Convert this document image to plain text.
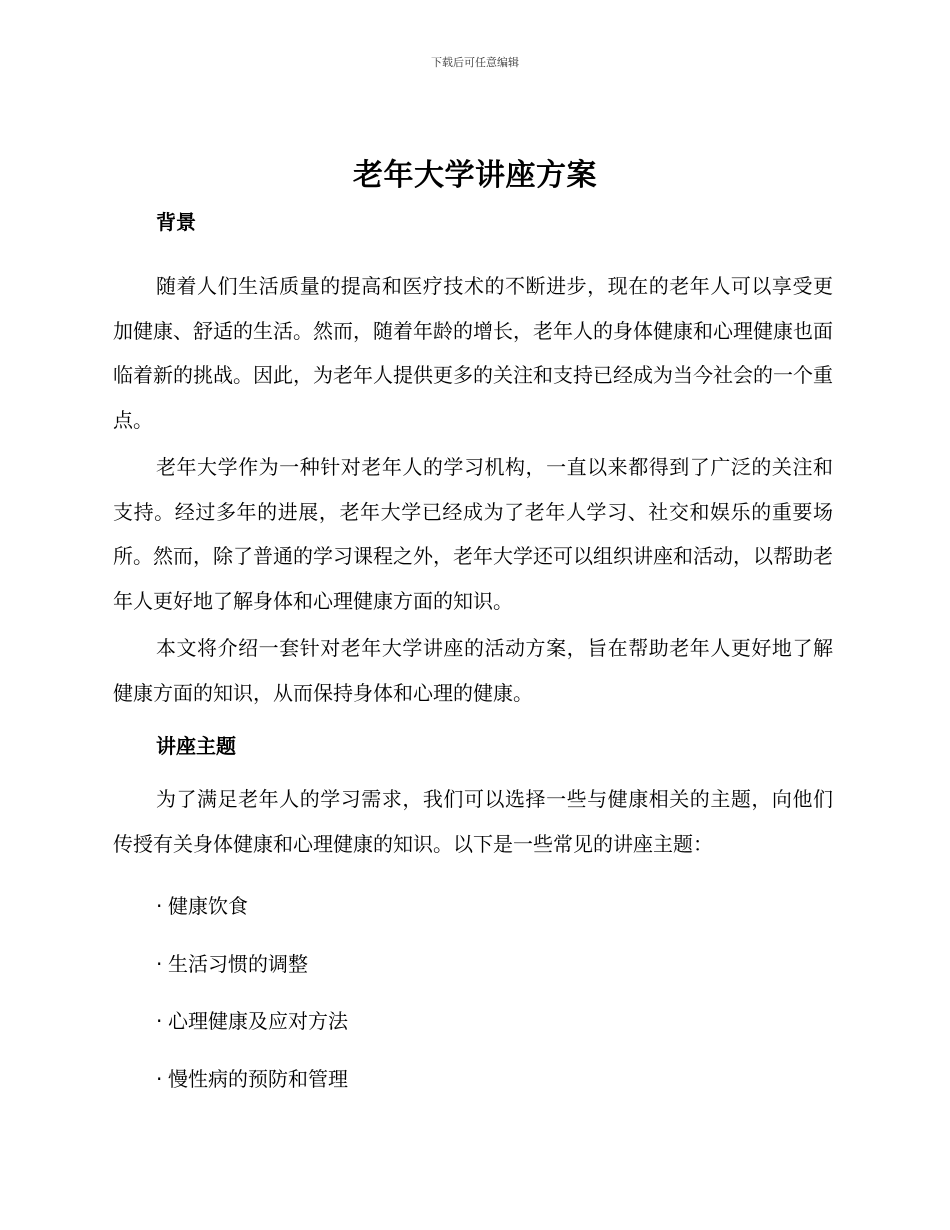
下载后可任意编辑
老年大学讲座方案

背景

随着人们生活质量的提高和医疗技术的不断进步，现在的老年人可以享受更加健康、舒适的生活。然而，随着年龄的增长，老年人的身体健康和心理健康也面临着新的挑战。因此，为老年人提供更多的关注和支持已经成为当今社会的一个重点。

老年大学作为一种针对老年人的学习机构，一直以来都得到了广泛的关注和支持。经过多年的进展，老年大学已经成为了老年人学习、社交和娱乐的重要场所。然而，除了普通的学习课程之外，老年大学还可以组织讲座和活动，以帮助老年人更好地了解身体和心理健康方面的知识。

本文将介绍一套针对老年大学讲座的活动方案，旨在帮助老年人更好地了解健康方面的知识，从而保持身体和心理的健康。

讲座主题

为了满足老年人的学习需求，我们可以选择一些与健康相关的主题，向他们传授有关身体健康和心理健康的知识。以下是一些常见的讲座主题：

· 健康饮食
· 生活习惯的调整
· 心理健康及应对方法
· 慢性病的预防和管理
